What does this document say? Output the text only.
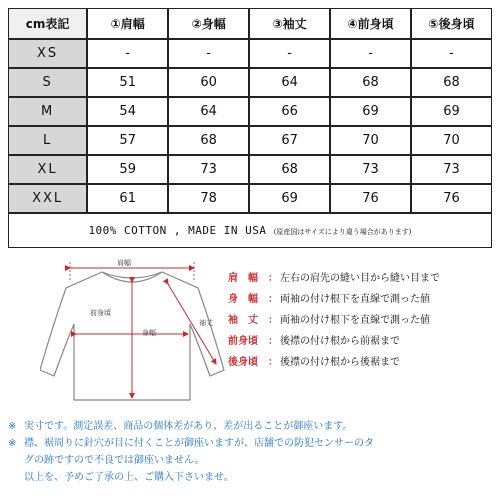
cm表記	①肩幅	②身幅	③袖丈	④前身頃	⑤後身頃
XS	-	-	-	-	-
S	51	60	64	68	68
M	54	64	66	69	69
L	57	68	67	70	70
XL	59	73	68	73	73
XXL	61	78	69	76	76
100% COTTON , MADE IN USA (原産国はサイズにより違う場合があります)					
肩幅
前身頃
身幅
袖丈
肩　幅	： 左右の肩先の縫い目から縫い目まで
身　幅	： 両袖の付け根下を直線で測った値
袖　丈	： 両袖の付け根下を直線で測った値
前身頃	： 後襟の付け根から前裾まで
後身頃	： 後襟の付け根から後裾まで
※ 実寸です。測定誤差、商品の個体差があり、差が出ることが御座います。
※ 襟、裾周りに針穴が目に付くことが御座いますが、店舗での防犯センサーのタ
グの跡ですので不良では御座いません。
以上を、予めご了承の上、ご購入下さいませ。
